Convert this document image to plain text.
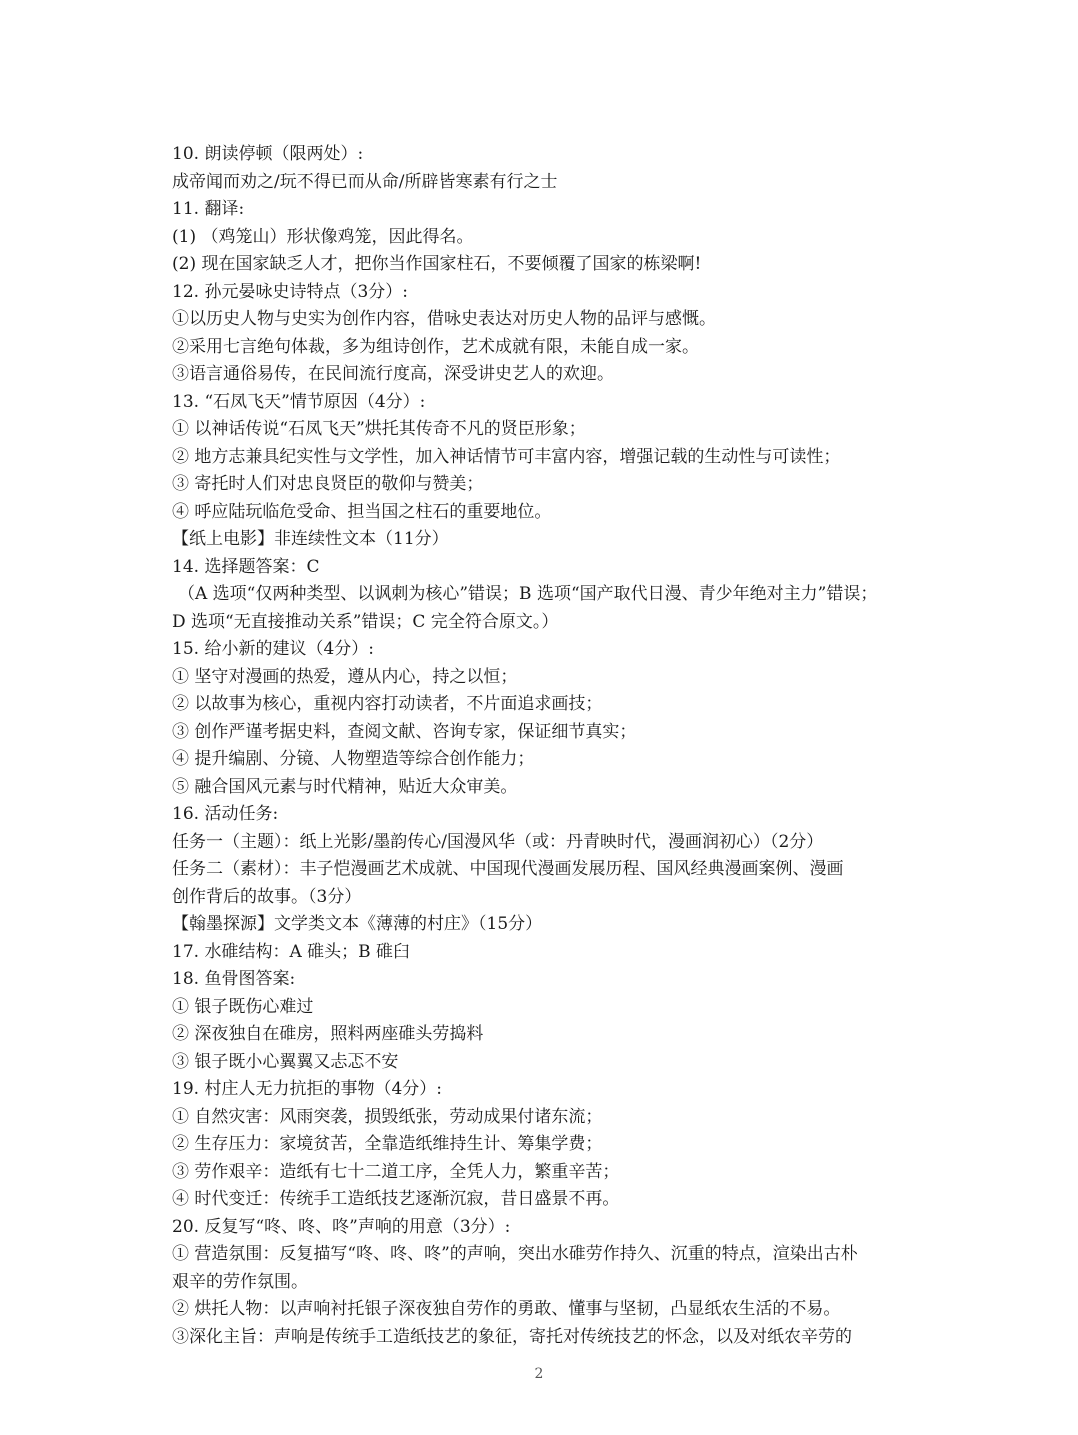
10. 朗读停顿（限两处）:
成帝闻而劝之/玩不得已而从命/所辟皆寒素有行之士
11. 翻译:
(1) （鸡笼山）形状像鸡笼，因此得名。
(2) 现在国家缺乏人才，把你当作国家柱石，不要倾覆了国家的栋梁啊!
12. 孙元晏咏史诗特点（3分）:
①以历史人物与史实为创作内容，借咏史表达对历史人物的品评与感慨。
②采用七言绝句体裁，多为组诗创作，艺术成就有限，未能自成一家。
③语言通俗易传，在民间流行度高，深受讲史艺人的欢迎。
13. “石凤飞天”情节原因（4分）:
① 以神话传说“石凤飞天”烘托其传奇不凡的贤臣形象；
② 地方志兼具纪实性与文学性，加入神话情节可丰富内容，增强记载的生动性与可读性；
③ 寄托时人们对忠良贤臣的敬仰与赞美；
④ 呼应陆玩临危受命、担当国之柱石的重要地位。
【纸上电影】非连续性文本（11分）
14. 选择题答案：C
（A 选项“仅两种类型、以讽刺为核心”错误；B 选项“国产取代日漫、青少年绝对主力”错误；
D 选项“无直接推动关系”错误；C 完全符合原文。）
15. 给小新的建议（4分）:
① 坚守对漫画的热爱，遵从内心，持之以恒；
② 以故事为核心，重视内容打动读者，不片面追求画技；
③ 创作严谨考据史料，查阅文献、咨询专家，保证细节真实；
④ 提升编剧、分镜、人物塑造等综合创作能力；
⑤ 融合国风元素与时代精神，贴近大众审美。
16. 活动任务:
任务一（主题）：纸上光影/墨韵传心/国漫风华（或：丹青映时代，漫画润初心）（2分）
任务二（素材）：丰子恺漫画艺术成就、中国现代漫画发展历程、国风经典漫画案例、漫画
创作背后的故事。（3分）
【翰墨探源】文学类文本《薄薄的村庄》（15分）
17. 水碓结构：A 碓头；B 碓臼
18. 鱼骨图答案:
① 银子既伤心难过
② 深夜独自在碓房，照料两座碓头劳捣料
③ 银子既小心翼翼又忐忑不安
19. 村庄人无力抗拒的事物（4分）:
① 自然灾害：风雨突袭，损毁纸张，劳动成果付诸东流；
② 生存压力：家境贫苦，全靠造纸维持生计、筹集学费；
③ 劳作艰辛：造纸有七十二道工序，全凭人力，繁重辛苦；
④ 时代变迁：传统手工造纸技艺逐渐沉寂，昔日盛景不再。
20. 反复写“咚、咚、咚”声响的用意（3分）:
① 营造氛围：反复描写“咚、咚、咚”的声响，突出水碓劳作持久、沉重的特点，渲染出古朴
艰辛的劳作氛围。
② 烘托人物：以声响衬托银子深夜独自劳作的勇敢、懂事与坚韧，凸显纸农生活的不易。
③深化主旨：声响是传统手工造纸技艺的象征，寄托对传统技艺的怀念，以及对纸农辛劳的
2
